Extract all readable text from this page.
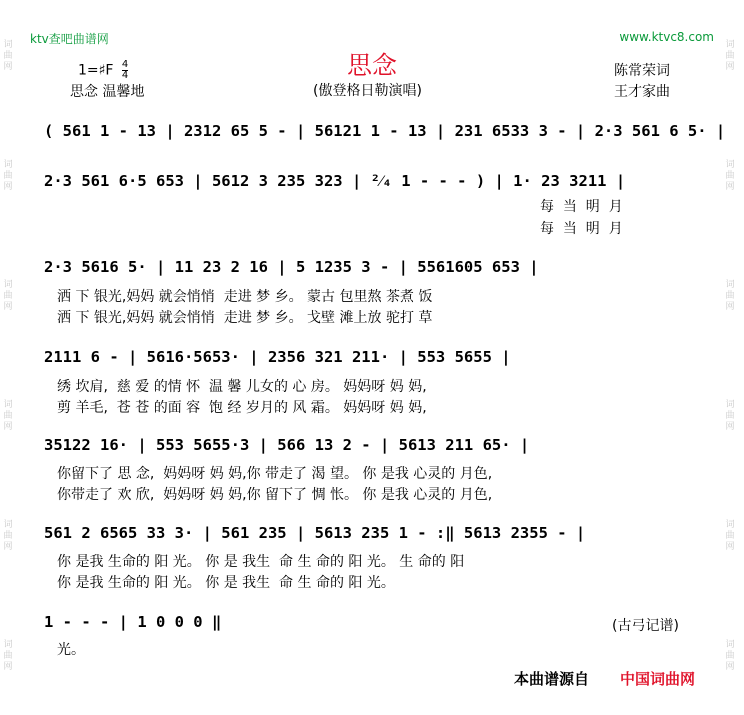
词曲网
词曲网
词曲网
词曲网
词曲网
词曲网
词曲网
词曲网
词曲网
词曲网
词曲网
词曲网
ktv查吧曲谱网	www.ktvc8.com
思念
1=♯F $\frac{4}{4}$
思念 温馨地	(傲登格日勒演唱)
陈常荣词
王才家曲
( 561 1 - 13 | 2312 65 5 - | 56121 1 - 13 | 231 6533 3 - | 2·3 561 6 5· |
2·3 561 6·5 653 | 5612 3 235 323 | ²⁄₄ 1 - - - ) | 1· 23 3211 |
每  当  明  月
每  当  明  月
2·3 5616 5· | 11 23 2 16 | 5 1235 3 - | 5561605 653 |
洒 下 银光,妈妈 就会悄悄  走进 梦 乡。 蒙古 包里熬 茶煮 饭
洒 下 银光,妈妈 就会悄悄  走进 梦 乡。 戈壁 滩上放 驼打 草
2111 6 - | 5616·5653· | 2356 321 211· | 553 5655 |
绣 坎肩,  慈 爱 的情 怀  温 馨 儿女的 心 房。 妈妈呀 妈 妈,
剪 羊毛,  苍 苍 的面 容  饱 经 岁月的 风 霜。 妈妈呀 妈 妈,
35122 16· | 553 5655·3 | 566 13 2 - | 5613 211 65· |
你留下了 思 念,  妈妈呀 妈 妈,你 带走了 渴 望。 你 是我 心灵的 月色,
你带走了 欢 欣,  妈妈呀 妈 妈,你 留下了 惆 怅。 你 是我 心灵的 月色,
561 2 6565 33 3· | 561 235 | 5613 235 1 - :‖ 5613 2355 - |
你 是我 生命的 阳 光。 你 是 我生  命 生 命的 阳 光。 生 命的 阳
你 是我 生命的 阳 光。 你 是 我生  命 生 命的 阳 光。
1 - - - | 1 0 0 0 ‖
光。
(古弓记谱)
本曲谱源自 中国词曲网
